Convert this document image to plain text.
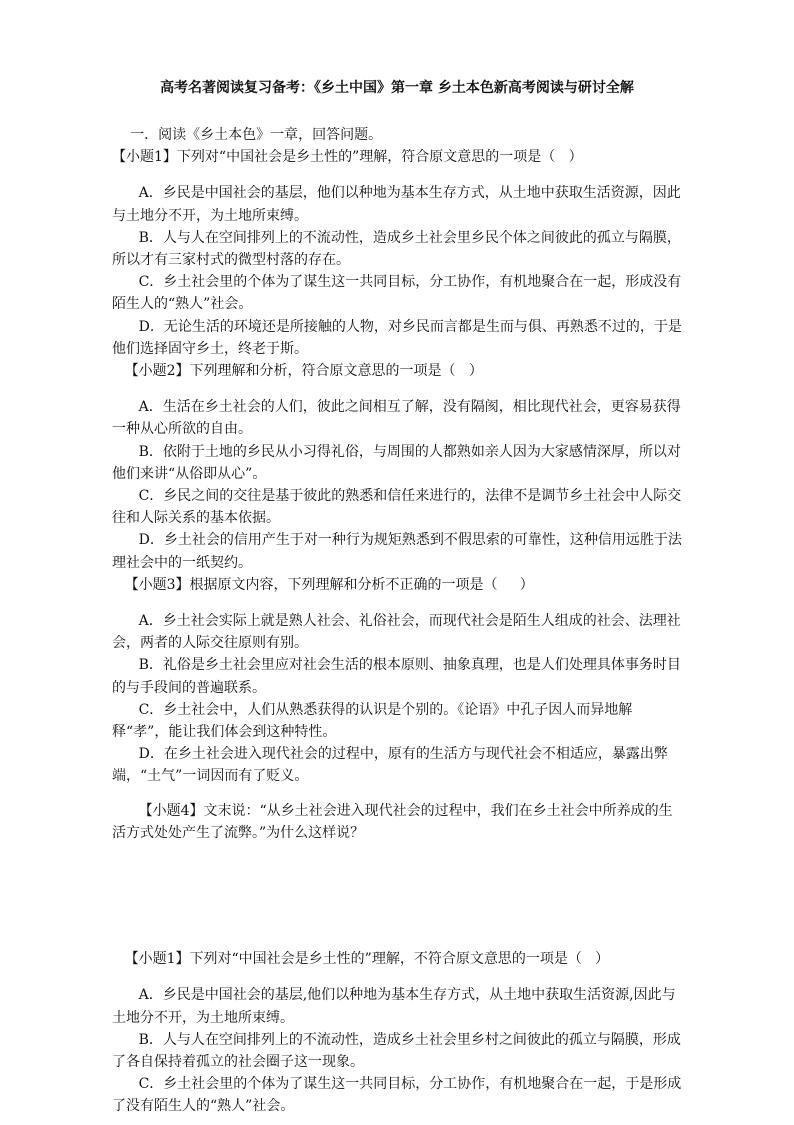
高考名著阅读复习备考：《乡土中国》第一章 乡土本色新高考阅读与研讨全解

一．阅读《乡土本色》一章，回答问题。

【小题1】下列对“中国社会是乡土性的”理解，符合原文意思的一项是（   ）

A．乡民是中国社会的基层，他们以种地为基本生存方式，从土地中获取生活资源，因此与土地分不开，为土地所束缚。

B．人与人在空间排列上的不流动性，造成乡土社会里乡民个体之间彼此的孤立与隔膜，所以才有三家村式的微型村落的存在。

C．乡土社会里的个体为了谋生这一共同目标，分工协作，有机地聚合在一起，形成没有陌生人的“熟人”社会。

D．无论生活的环境还是所接触的人物，对乡民而言都是生而与俱、再熟悉不过的，于是他们选择固守乡土，终老于斯。

【小题2】下列理解和分析，符合原文意思的一项是（   ）

A．生活在乡土社会的人们，彼此之间相互了解，没有隔阂，相比现代社会，更容易获得一种从心所欲的自由。

B．依附于土地的乡民从小习得礼俗，与周围的人都熟如亲人因为大家感情深厚，所以对他们来讲“从俗即从心”。

C．乡民之间的交往是基于彼此的熟悉和信任来进行的，法律不是调节乡土社会中人际交往和人际关系的基本依据。

D．乡土社会的信用产生于对一种行为规矩熟悉到不假思索的可靠性，这种信用远胜于法理社会中的一纸契约。

【小题3】根据原文内容，下列理解和分析不正确的一项是（     ）

A．乡土社会实际上就是熟人社会、礼俗社会，而现代社会是陌生人组成的社会、法理社会，两者的人际交往原则有别。

B．礼俗是乡土社会里应对社会生活的根本原则、抽象真理，也是人们处理具体事务时目的与手段间的普遍联系。

C．乡土社会中，人们从熟悉获得的认识是个别的。《论语》中孔子因人而异地解释“孝”，能让我们体会到这种特性。

D．在乡土社会进入现代社会的过程中，原有的生活方与现代社会不相适应，暴露出弊端，“土气”一词因而有了贬义。

【小题4】文末说：“从乡土社会进入现代社会的过程中，我们在乡土社会中所养成的生活方式处处产生了流弊。”为什么这样说？

【小题1】下列对“中国社会是乡土性的”理解，不符合原文意思的一项是（   ）

A．乡民是中国社会的基层,他们以种地为基本生存方式，从土地中获取生活资源,因此与土地分不开，为土地所束缚。

B．人与人在空间排列上的不流动性，造成乡土社会里乡村之间彼此的孤立与隔膜，形成了各自保持着孤立的社会圈子这一现象。

C．乡土社会里的个体为了谋生这一共同目标，分工协作，有机地聚合在一起，于是形成了没有陌生人的“熟人”社会。
